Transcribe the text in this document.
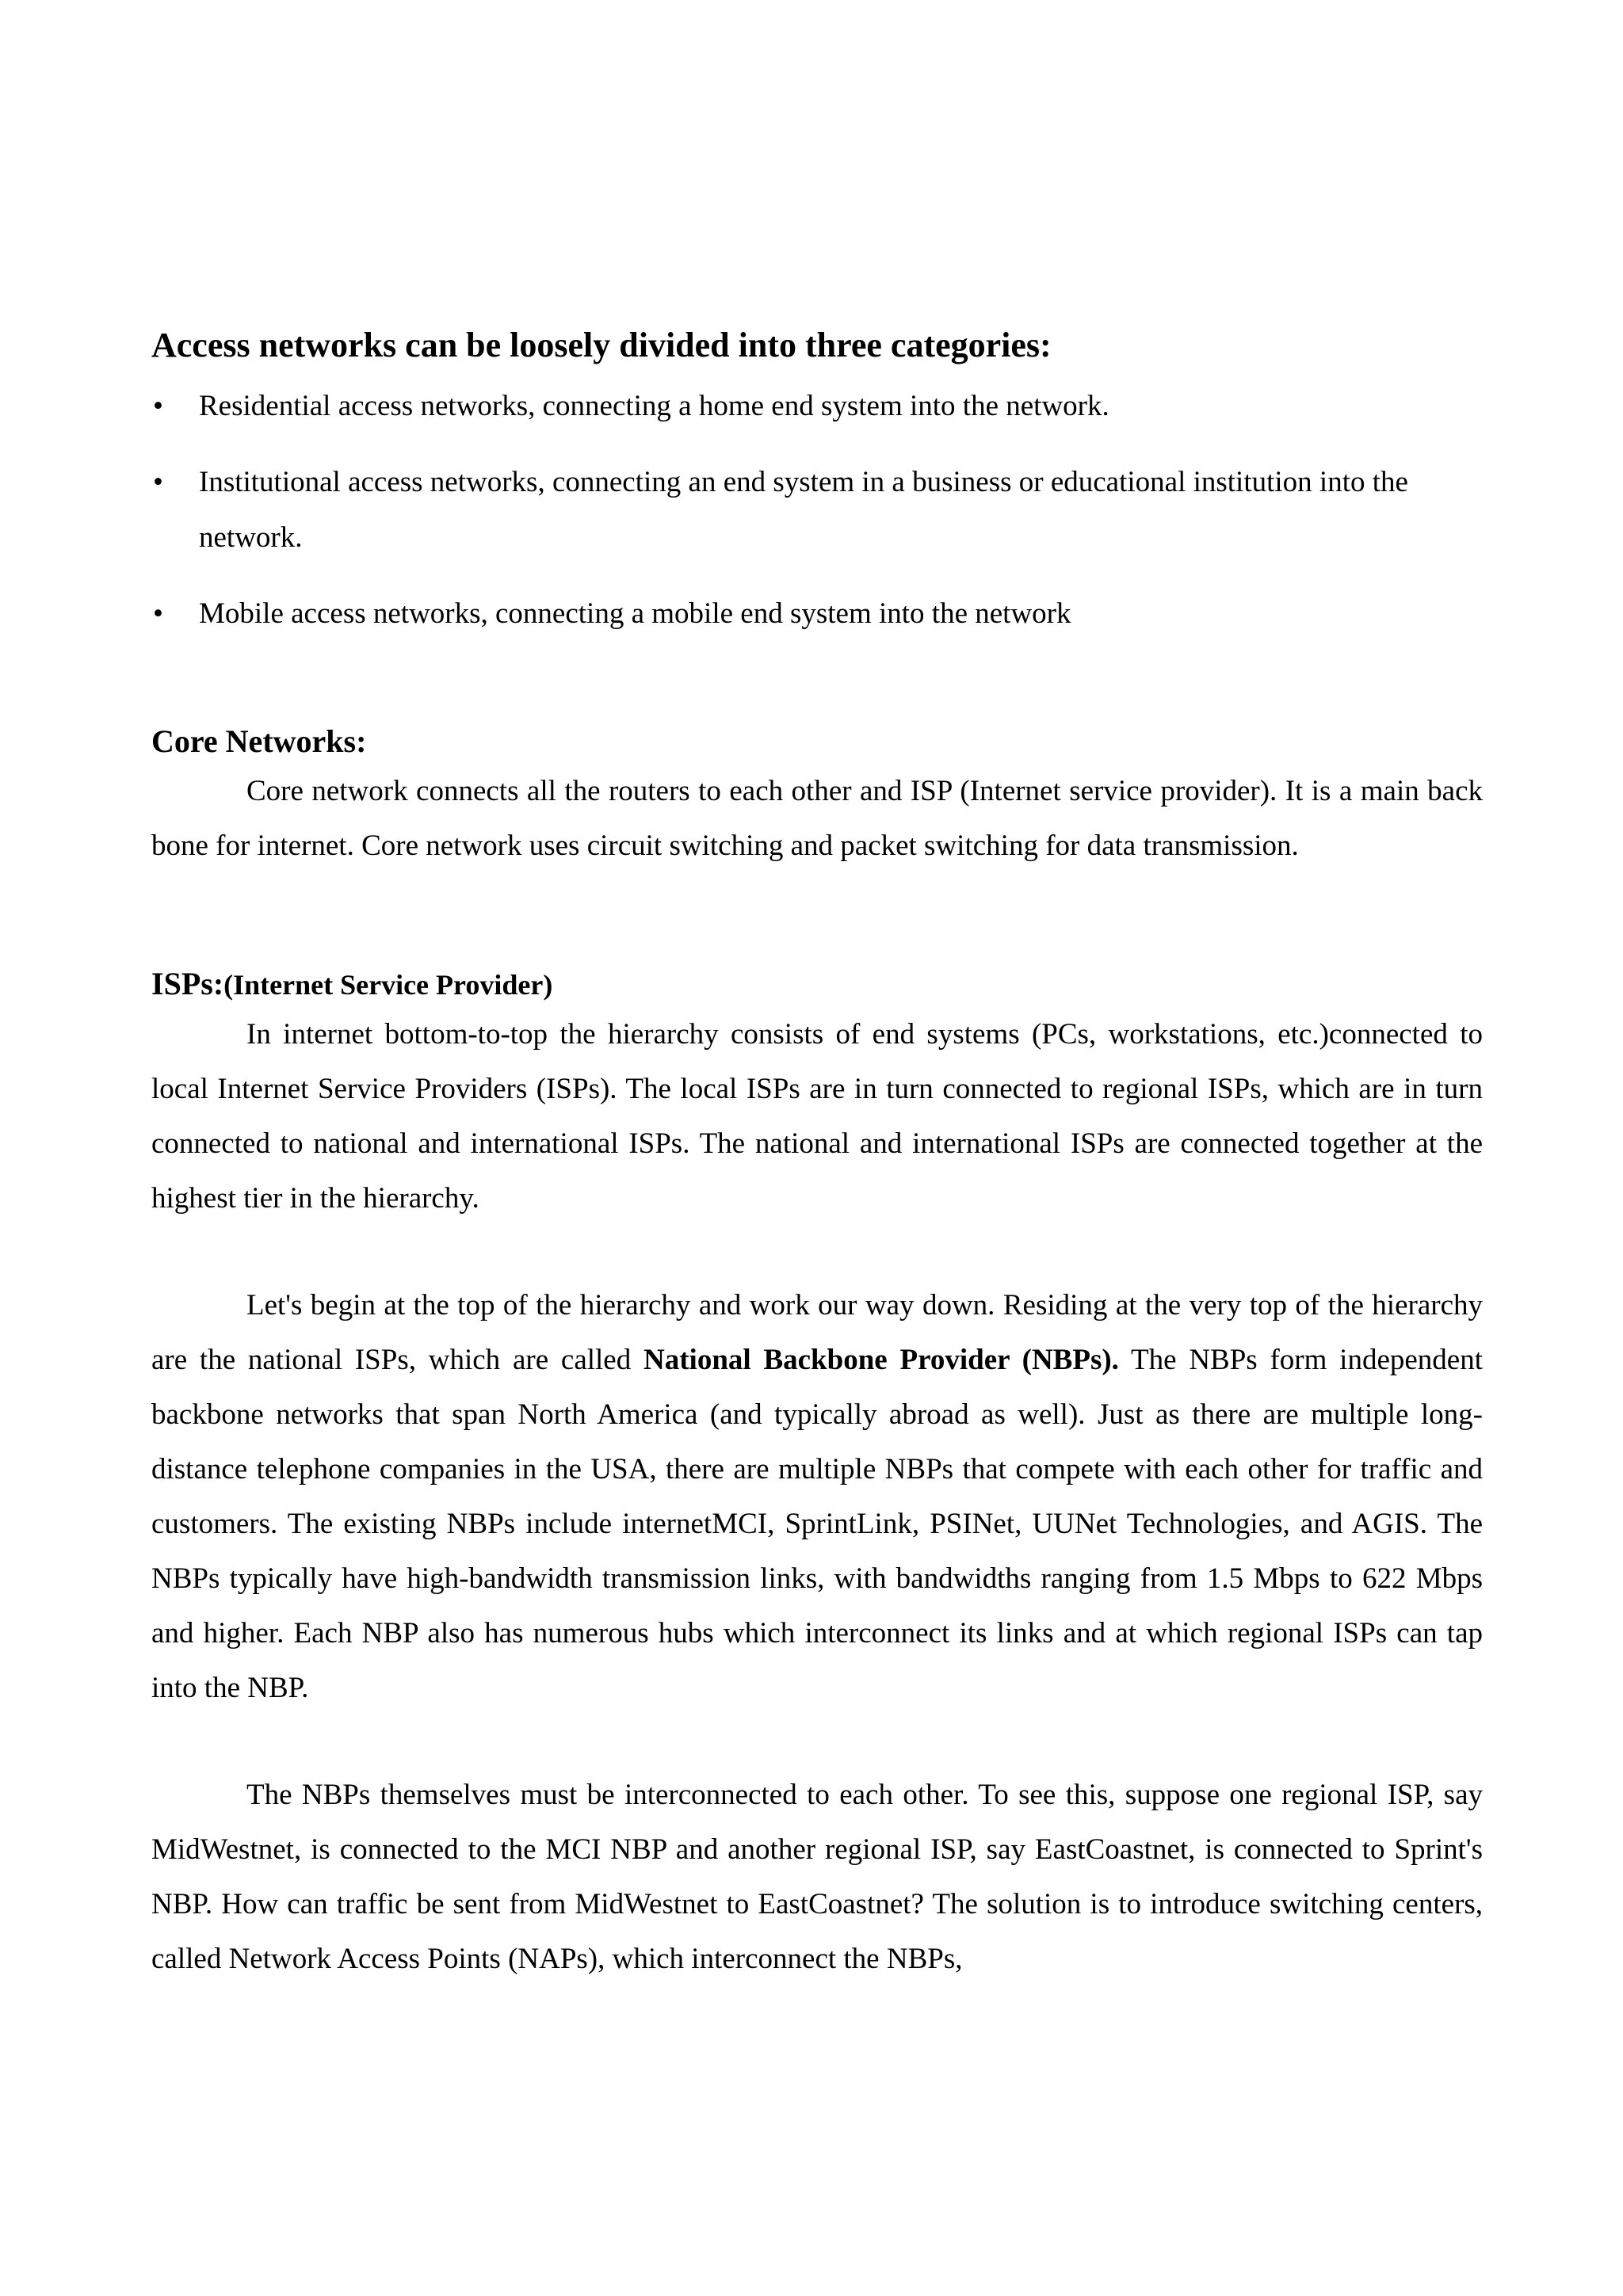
Access networks can be loosely divided into three categories:
• Residential access networks, connecting a home end system into the network.
• Institutional access networks, connecting an end system in a business or educational institution into the network.
• Mobile access networks, connecting a mobile end system into the network
Core Networks:

Core network connects all the routers to each other and ISP (Internet service provider). It is a main back bone for internet. Core network uses circuit switching and packet switching for data transmission.

ISPs:(Internet Service Provider)

In internet bottom-to-top the hierarchy consists of end systems (PCs, workstations, etc.)connected to local Internet Service Providers (ISPs). The local ISPs are in turn connected to regional ISPs, which are in turn connected to national and international ISPs. The national and international ISPs are connected together at the highest tier in the hierarchy.

Let's begin at the top of the hierarchy and work our way down. Residing at the very top of the hierarchy are the national ISPs, which are called National Backbone Provider (NBPs). The NBPs form independent backbone networks that span North America (and typically abroad as well). Just as there are multiple long-distance telephone companies in the USA, there are multiple NBPs that compete with each other for traffic and customers. The existing NBPs include internetMCI, SprintLink, PSINet, UUNet Technologies, and AGIS. The NBPs typically have high-bandwidth transmission links, with bandwidths ranging from 1.5 Mbps to 622 Mbps and higher. Each NBP also has numerous hubs which interconnect its links and at which regional ISPs can tap into the NBP.

The NBPs themselves must be interconnected to each other. To see this, suppose one regional ISP, say MidWestnet, is connected to the MCI NBP and another regional ISP, say EastCoastnet, is connected to Sprint's NBP. How can traffic be sent from MidWestnet to EastCoastnet? The solution is to introduce switching centers, called Network Access Points (NAPs), which interconnect the NBPs,
